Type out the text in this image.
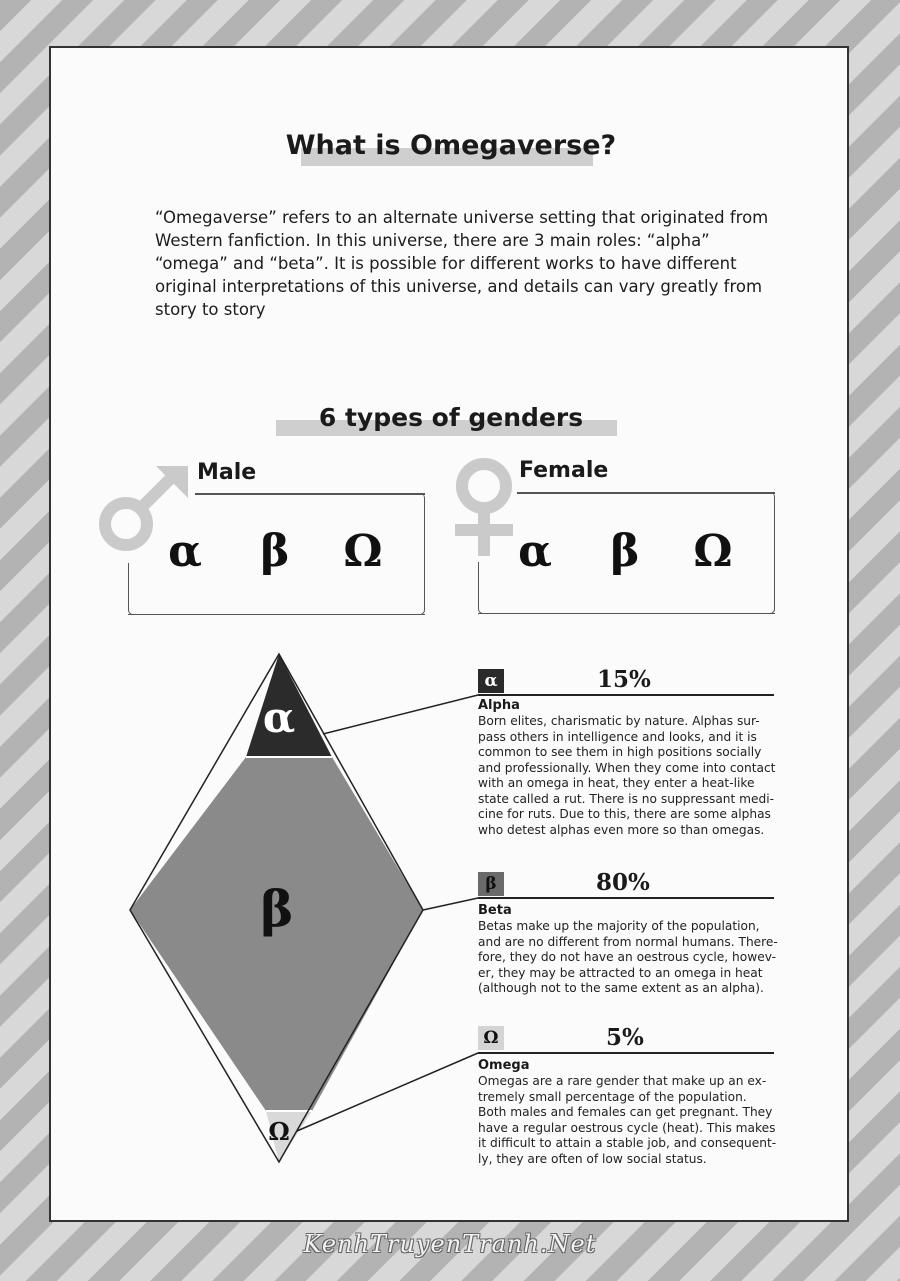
What is Omegaverse?
“Omegaverse” refers to an alternate universe setting that originated from Western fanfiction. In this universe, there are 3 main roles: “alpha” “omega” and “beta”. It is possible for different works to have different original interpretations of this universe, and details can vary greatly from story to story
6 types of genders
Male
α	β	Ω
Female
α	β	Ω
α
β
Ω
α	15%
Alpha
Born elites, charismatic by nature. Alphas sur-
pass others in intelligence and looks, and it is
common to see them in high positions socially
and professionally. When they come into contact
with an omega in heat, they enter a heat-like
state called a rut. There is no suppressant medi-
cine for ruts. Due to this, there are some alphas
who detest alphas even more so than omegas.
β	80%
Beta
Betas make up the majority of the population,
and are no different from normal humans. There-
fore, they do not have an oestrous cycle, howev-
er, they may be attracted to an omega in heat
(although not to the same extent as an alpha).
Ω	5%
Omega
Omegas are a rare gender that make up an ex-
tremely small percentage of the population.
Both males and females can get pregnant. They
have a regular oestrous cycle (heat). This makes
it difficult to attain a stable job, and consequent-
ly, they are often of low social status.
KenhTruyenTranh.Net
